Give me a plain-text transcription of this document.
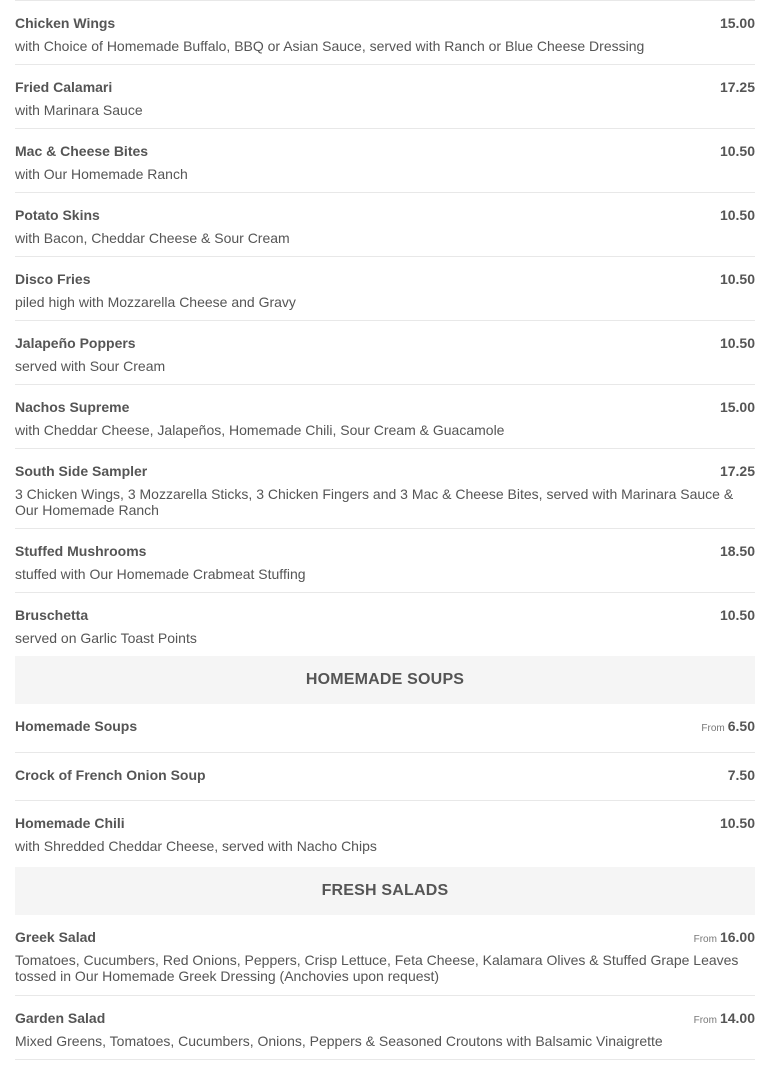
Chicken Wings	15.00
with Choice of Homemade Buffalo, BBQ or Asian Sauce, served with Ranch or Blue Cheese Dressing
Fried Calamari	17.25
with Marinara Sauce
Mac & Cheese Bites	10.50
with Our Homemade Ranch
Potato Skins	10.50
with Bacon, Cheddar Cheese & Sour Cream
Disco Fries	10.50
piled high with Mozzarella Cheese and Gravy
Jalapeño Poppers	10.50
served with Sour Cream
Nachos Supreme	15.00
with Cheddar Cheese, Jalapeños, Homemade Chili, Sour Cream & Guacamole
South Side Sampler	17.25
3 Chicken Wings, 3 Mozzarella Sticks, 3 Chicken Fingers and 3 Mac & Cheese Bites, served with Marinara Sauce & Our Homemade Ranch
Stuffed Mushrooms	18.50
stuffed with Our Homemade Crabmeat Stuffing
Bruschetta	10.50
served on Garlic Toast Points
HOMEMADE SOUPS
Homemade Soups	From 6.50
Crock of French Onion Soup	7.50
Homemade Chili	10.50
with Shredded Cheddar Cheese, served with Nacho Chips
FRESH SALADS
Greek Salad	From 16.00
Tomatoes, Cucumbers, Red Onions, Peppers, Crisp Lettuce, Feta Cheese, Kalamara Olives & Stuffed Grape Leaves tossed in Our Homemade Greek Dressing (Anchovies upon request)
Garden Salad	From 14.00
Mixed Greens, Tomatoes, Cucumbers, Onions, Peppers & Seasoned Croutons with Balsamic Vinaigrette
